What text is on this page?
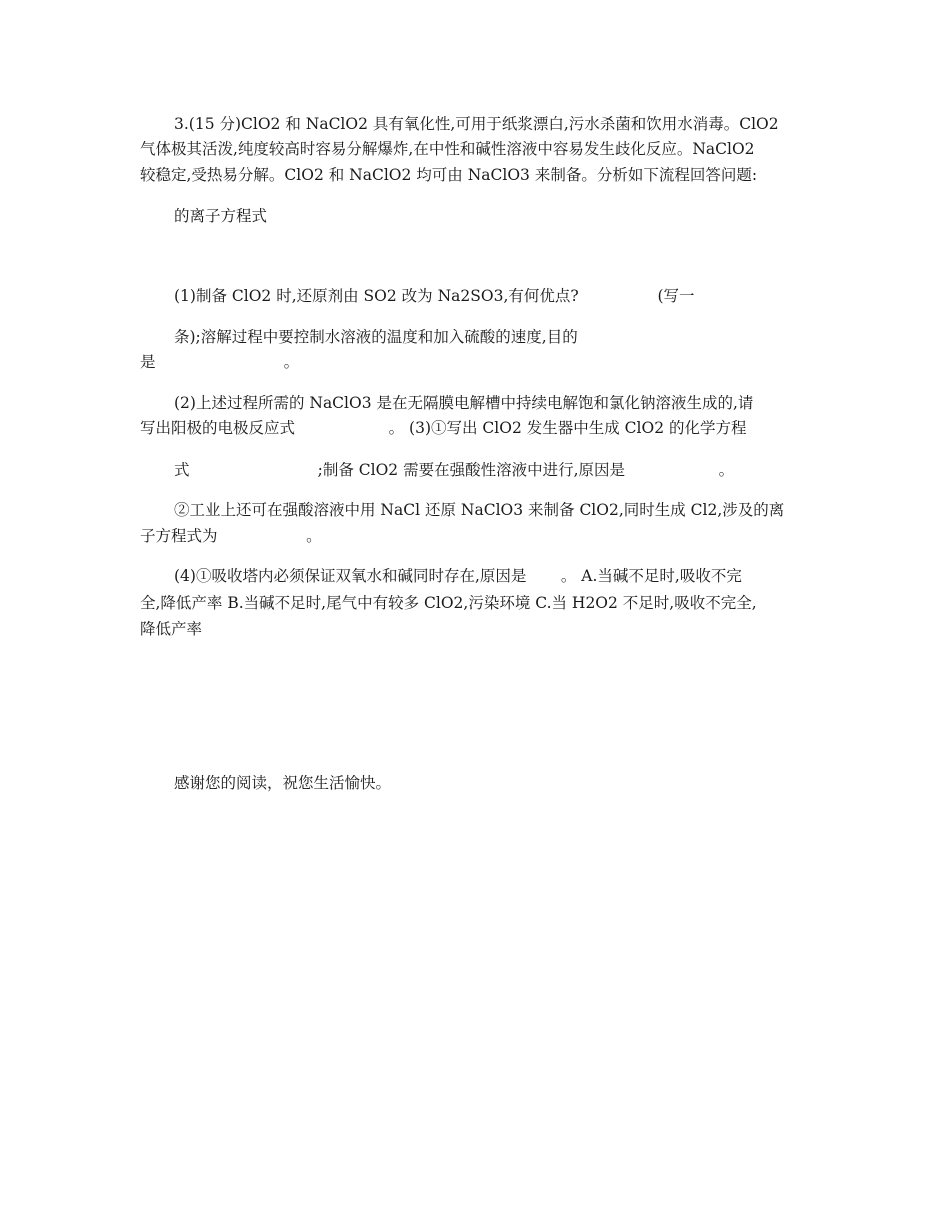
3.(15 分)ClO2 和 NaClO2 具有氧化性,可用于纸浆漂白,污水杀菌和饮用水消毒。ClO2
气体极其活泼,纯度较高时容易分解爆炸,在中性和碱性溶液中容易发生歧化反应。NaClO2
较稳定,受热易分解。ClO2 和 NaClO2 均可由 NaClO3 来制备。分析如下流程回答问题:
的离子方程式
(1)制备 ClO2 时,还原剂由 SO2 改为 Na2SO3,有何优点?                (写一
条);溶解过程中要控制水溶液的温度和加入硫酸的速度,目的
是                          。
(2)上述过程所需的 NaClO3 是在无隔膜电解槽中持续电解饱和氯化钠溶液生成的,请
写出阳极的电极反应式                   。 (3)①写出 ClO2 发生器中生成 ClO2 的化学方程
式                          ;制备 ClO2 需要在强酸性溶液中进行,原因是                   。
②工业上还可在强酸溶液中用 NaCl 还原 NaClO3 来制备 ClO2,同时生成 Cl2,涉及的离
子方程式为                  。
(4)①吸收塔内必须保证双氧水和碱同时存在,原因是       。 A.当碱不足时,吸收不完
全,降低产率 B.当碱不足时,尾气中有较多 ClO2,污染环境 C.当 H2O2 不足时,吸收不完全,
降低产率
感谢您的阅读，祝您生活愉快。
